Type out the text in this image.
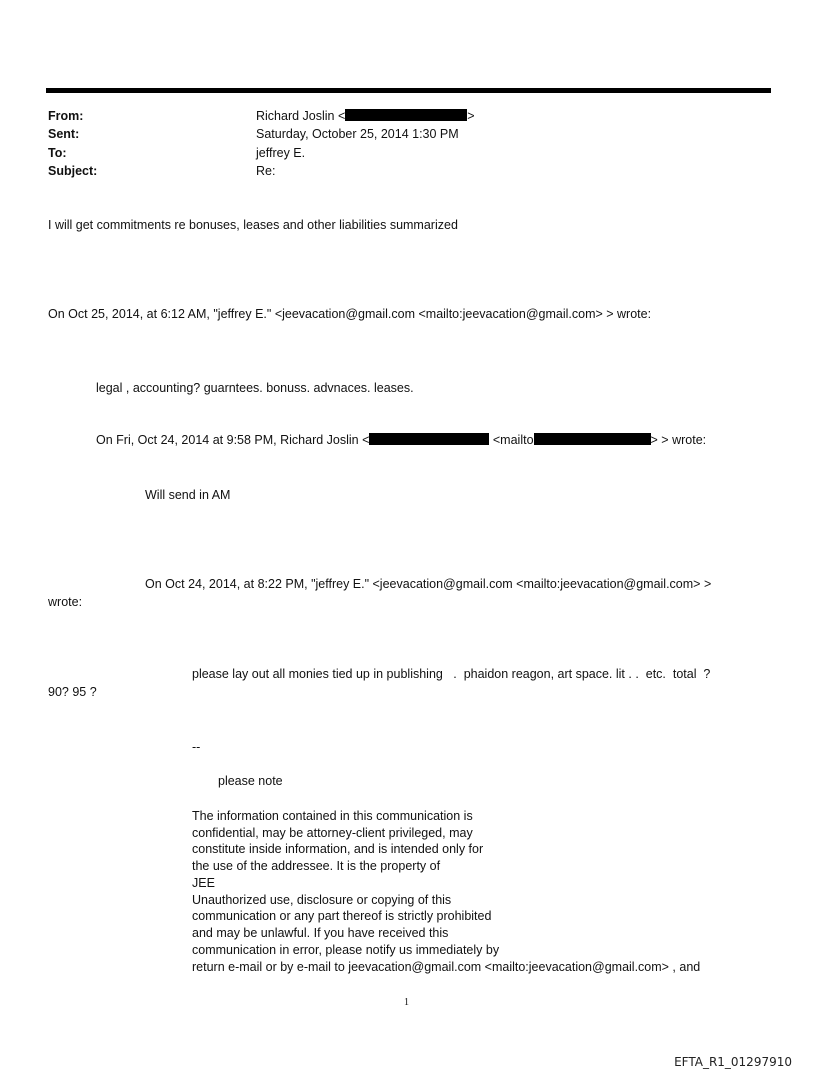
From:	Richard Joslin <	>
Sent:	Saturday, October 25, 2014 1:30 PM
To:	jeffrey E.
Subject:	Re:
I will get commitments re bonuses, leases and other liabilities summarized
On Oct 25, 2014, at 6:12 AM, "jeffrey E." <jeevacation@gmail.com <mailto:jeevacation@gmail.com> > wrote:
legal , accounting? guarntees. bonuss. advnaces. leases.
On Fri, Oct 24, 2014 at 9:58 PM, Richard Joslin <	<mailto	> > wrote:
Will send in AM
On Oct 24, 2014, at 8:22 PM, "jeffrey E." <jeevacation@gmail.com <mailto:jeevacation@gmail.com> >
wrote:
please lay out all monies tied up in publishing   .  phaidon reagon, art space. lit . .  etc.  total  ?
90? 95 ?
--
please note
The information contained in this communication is
confidential, may be attorney-client privileged, may
constitute inside information, and is intended only for
the use of the addressee. It is the property of
JEE
Unauthorized use, disclosure or copying of this
communication or any part thereof is strictly prohibited
and may be unlawful. If you have received this
communication in error, please notify us immediately by
return e-mail or by e-mail to jeevacation@gmail.com <mailto:jeevacation@gmail.com> , and
1
EFTA_R1_01297910
